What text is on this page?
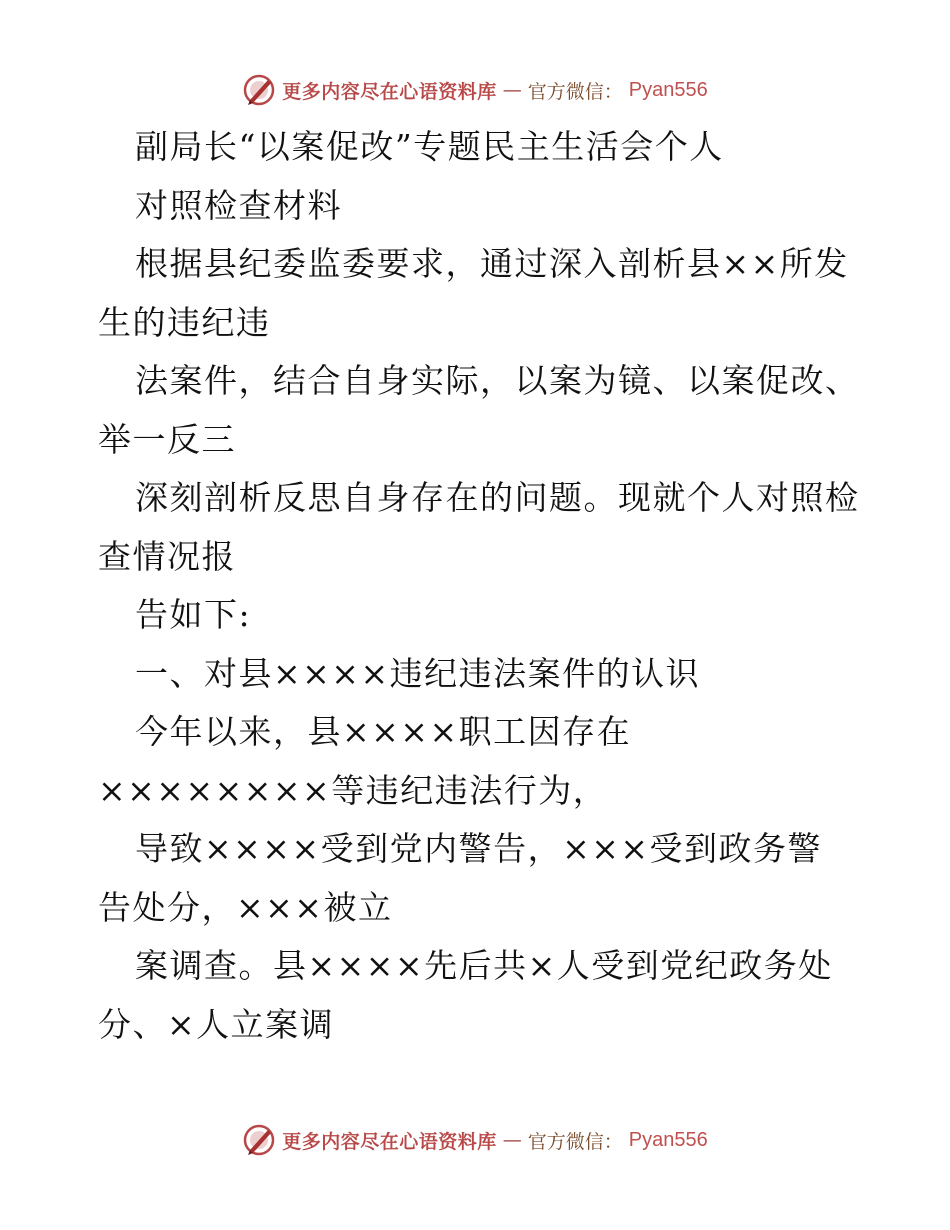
更多内容尽在心语资料库 — 官方微信： Pyan556
副局长“以案促改”专题民主生活会个人
对照检查材料
根据县纪委监委要求，通过深入剖析县××所发
生的违纪违
法案件，结合自身实际，以案为镜、以案促改、
举一反三
深刻剖析反思自身存在的问题。现就个人对照检
查情况报
告如下:
一、对县××××违纪违法案件的认识
今年以来，县××××职工因存在
××××××××等违纪违法行为，
导致××××受到党内警告，×××受到政务警
告处分，×××被立
案调查。县××××先后共×人受到党纪政务处
分、×人立案调
更多内容尽在心语资料库 — 官方微信： Pyan556
